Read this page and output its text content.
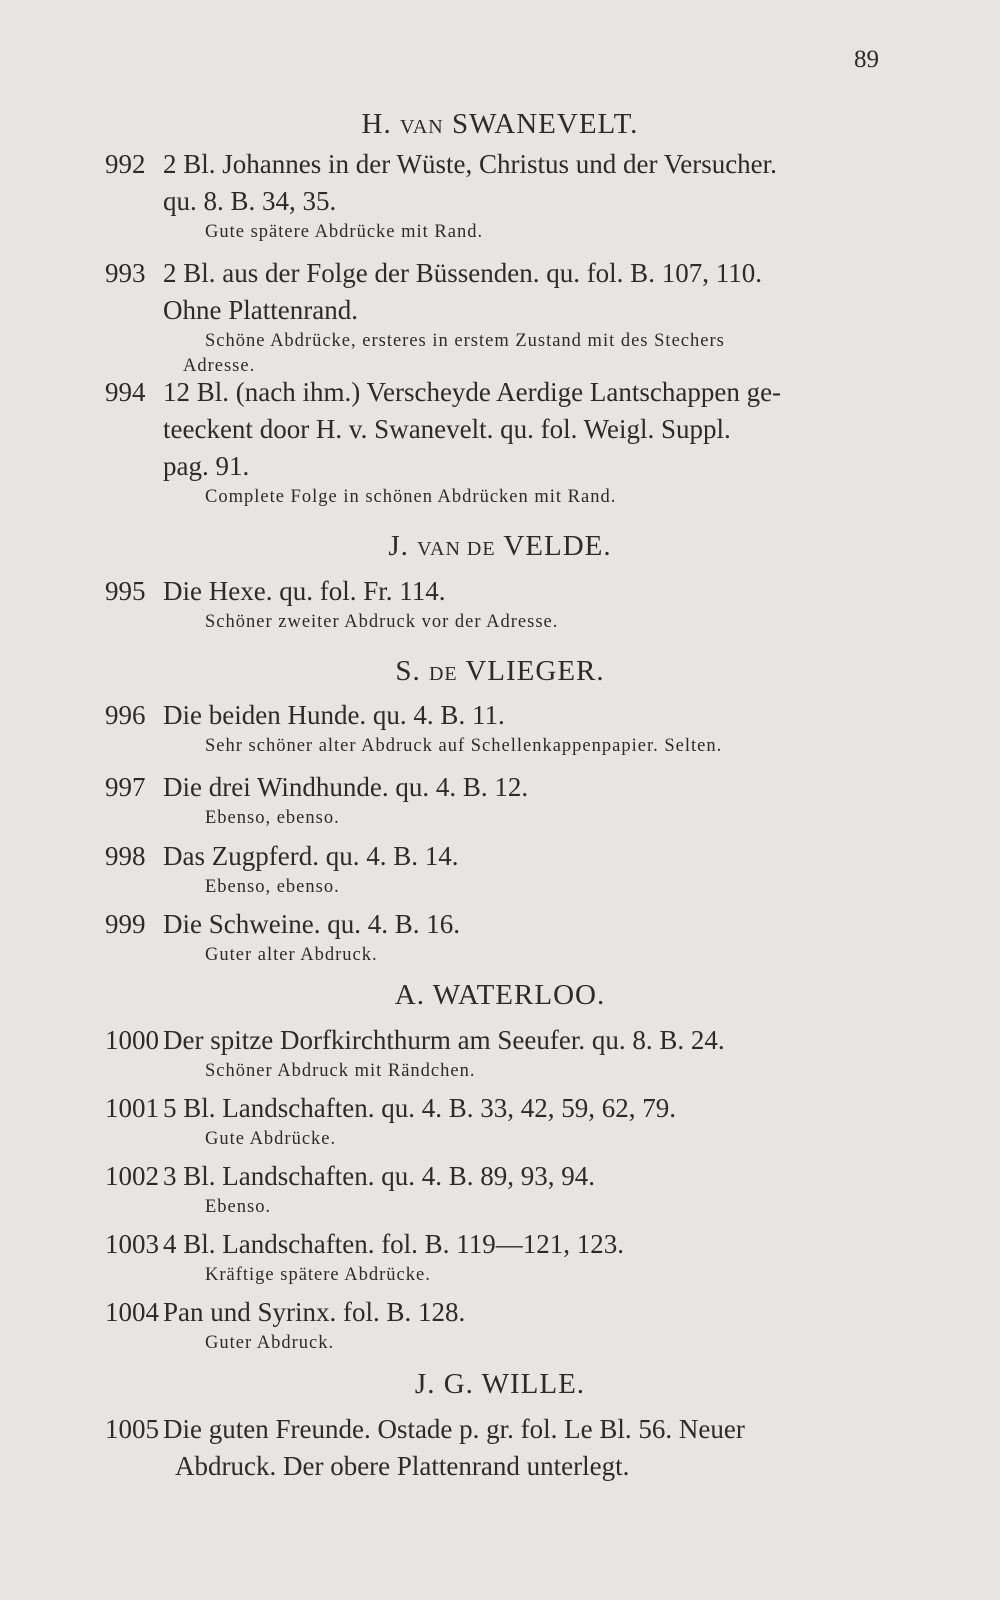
89
H. VAN SWANEVELT.
992 2 Bl. Johannes in der Wüste, Christus und der Versucher.
qu. 8. B. 34, 35.
Gute spätere Abdrücke mit Rand.
993 2 Bl. aus der Folge der Büssenden. qu. fol. B. 107, 110.
Ohne Plattenrand.
Schöne Abdrücke, ersteres in erstem Zustand mit des Stechers
Adresse.
994 12 Bl. (nach ihm.) Verscheyde Aerdige Lantschappen ge-
teeckent door H. v. Swanevelt. qu. fol. Weigl. Suppl.
pag. 91.
Complete Folge in schönen Abdrücken mit Rand.
J. VAN DE VELDE.
995 Die Hexe. qu. fol. Fr. 114.
Schöner zweiter Abdruck vor der Adresse.
S. DE VLIEGER.
996 Die beiden Hunde. qu. 4. B. 11.
Sehr schöner alter Abdruck auf Schellenkappenpapier. Selten.
997 Die drei Windhunde. qu. 4. B. 12.
Ebenso, ebenso.
998 Das Zugpferd. qu. 4. B. 14.
Ebenso, ebenso.
999 Die Schweine. qu. 4. B. 16.
Guter alter Abdruck.
A. WATERLOO.
1000 Der spitze Dorfkirchthurm am Seeufer. qu. 8. B. 24.
Schöner Abdruck mit Rändchen.
1001 5 Bl. Landschaften. qu. 4. B. 33, 42, 59, 62, 79.
Gute Abdrücke.
1002 3 Bl. Landschaften. qu. 4. B. 89, 93, 94.
Ebenso.
1003 4 Bl. Landschaften. fol. B. 119—121, 123.
Kräftige spätere Abdrücke.
1004 Pan und Syrinx. fol. B. 128.
Guter Abdruck.
J. G. WILLE.
1005 Die guten Freunde. Ostade p. gr. fol. Le Bl. 56. Neuer
Abdruck. Der obere Plattenrand unterlegt.
